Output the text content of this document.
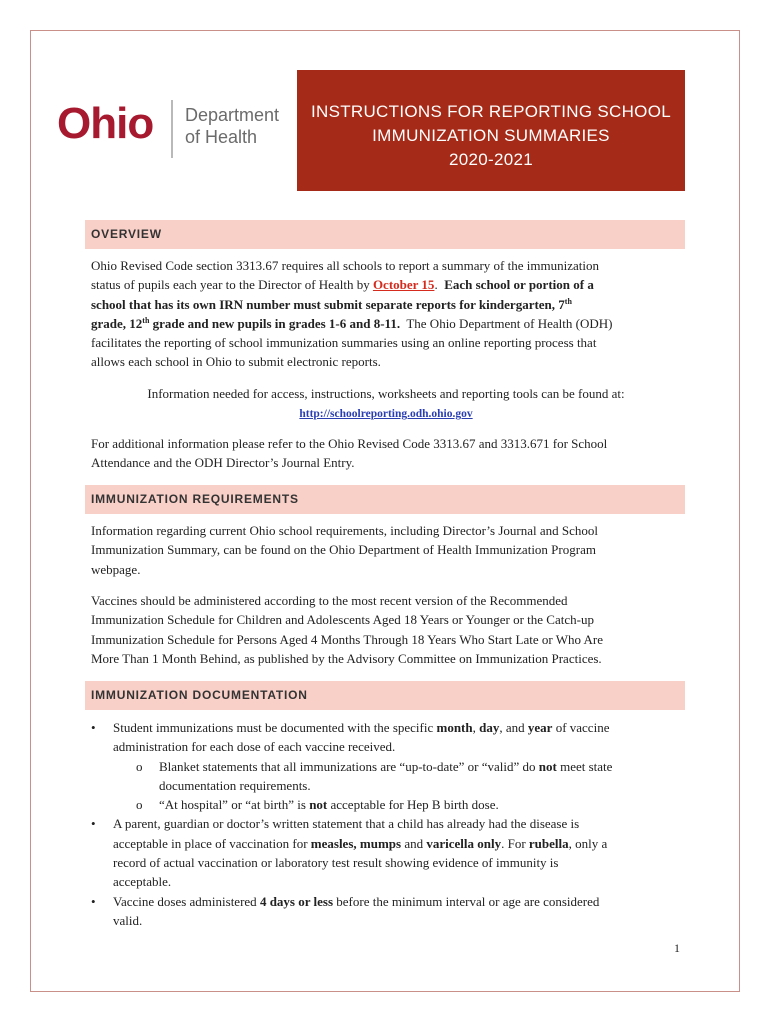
Ohio Department
of Health
INSTRUCTIONS FOR REPORTING SCHOOL
IMMUNIZATION SUMMARIES
2020-2021
OVERVIEW
Ohio Revised Code section 3313.67 requires all schools to report a summary of the immunization
status of pupils each year to the Director of Health by October 15.  Each school or portion of a
school that has its own IRN number must submit separate reports for kindergarten, 7th
grade, 12th grade and new pupils in grades 1-6 and 8-11.  The Ohio Department of Health (ODH)
facilitates the reporting of school immunization summaries using an online reporting process that
allows each school in Ohio to submit electronic reports.
Information needed for access, instructions, worksheets and reporting tools can be found at:
http://schoolreporting.odh.ohio.gov
For additional information please refer to the Ohio Revised Code 3313.67 and 3313.671 for School
Attendance and the ODH Director’s Journal Entry.
IMMUNIZATION REQUIREMENTS
Information regarding current Ohio school requirements, including Director’s Journal and School
Immunization Summary, can be found on the Ohio Department of Health Immunization Program
webpage.
Vaccines should be administered according to the most recent version of the Recommended
Immunization Schedule for Children and Adolescents Aged 18 Years or Younger or the Catch-up
Immunization Schedule for Persons Aged 4 Months Through 18 Years Who Start Late or Who Are
More Than 1 Month Behind, as published by the Advisory Committee on Immunization Practices.
IMMUNIZATION DOCUMENTATION
• Student immunizations must be documented with the specific month, day, and year of vaccine
administration for each dose of each vaccine received.
o Blanket statements that all immunizations are “up-to-date” or “valid” do not meet state
documentation requirements.
o “At hospital” or “at birth” is not acceptable for Hep B birth dose.
• A parent, guardian or doctor’s written statement that a child has already had the disease is
acceptable in place of vaccination for measles, mumps and varicella only. For rubella, only a
record of actual vaccination or laboratory test result showing evidence of immunity is
acceptable.
• Vaccine doses administered 4 days or less before the minimum interval or age are considered
valid.
1
